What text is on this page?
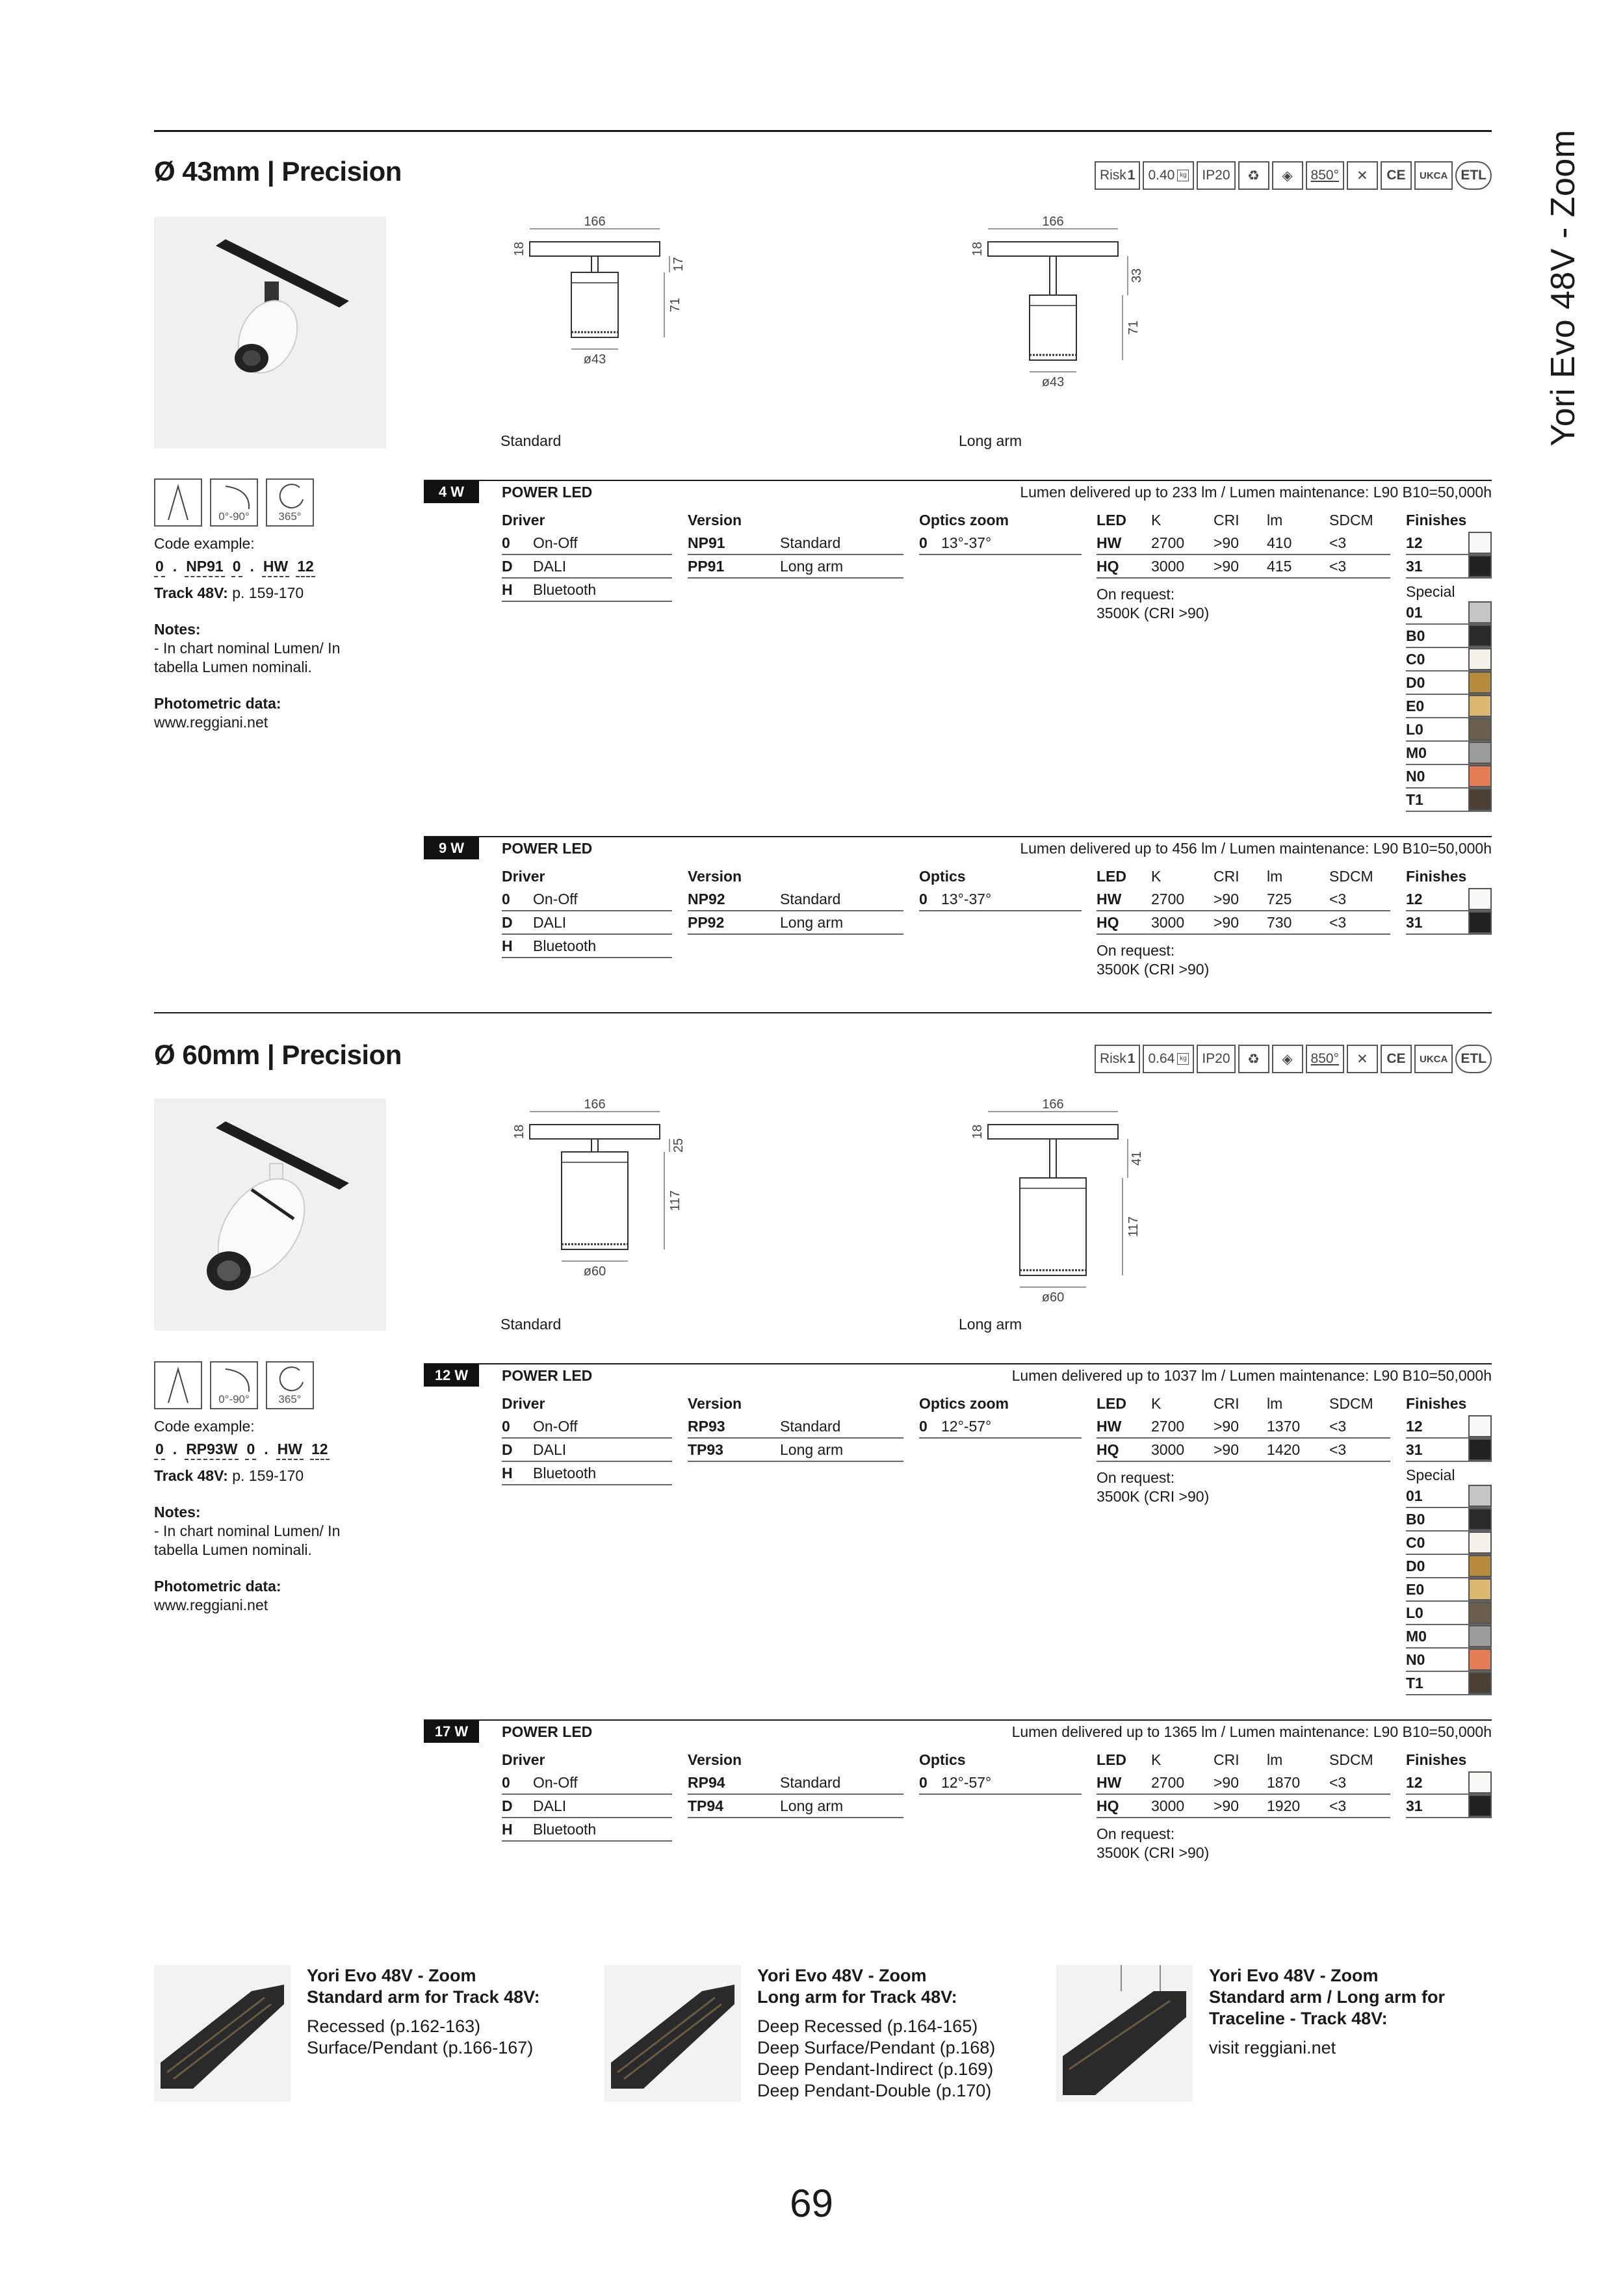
Yori Evo 48V - Zoom
Ø 43mm | Precision	Risk 1 0.40 kg	IP20	♻	◈	850°	✕	CE	UKCA ETL
166
18
17
71
ø43
Standard
166
18
33
71
ø43
Long arm
0°-90°	365°
Code example:
0 . NP91 0 . HW 12
Track 48V: p. 159-170
Notes:
- In chart nominal Lumen/ In tabella Lumen nominali.
Photometric data:
www.reggiani.net
4 W	POWER LED	Lumen delivered up to 233 lm / Lumen maintenance: L90 B10=50,000h
Driver
0	On-Off
D	DALI
H	Bluetooth
Version
NP91	Standard
PP91	Long arm
Optics zoom
0 13°-37°
LED	K	CRI	lm	SDCM
HW	2700	>90	410	<3
HQ	3000	>90	415	<3
On request:
3500K (CRI >90)
Finishes
12
31
Special
01
B0
C0
D0
E0
L0
M0
N0
T1
9 W	POWER LED	Lumen delivered up to 456 lm / Lumen maintenance: L90 B10=50,000h
Driver
0	On-Off
D	DALI
H	Bluetooth
Version
NP92	Standard
PP92	Long arm
Optics
0 13°-37°
LED	K	CRI	lm	SDCM
HW	2700	>90	725	<3
HQ	3000	>90	730	<3
On request:
3500K (CRI >90)
Finishes
12
31
Ø 60mm | Precision	Risk 1 0.64 kg	IP20	♻	◈	850°	✕	CE	UKCA ETL
166
18
25
117
ø60
Standard
166
18
41
117
ø60
Long arm
0°-90°	365°
Code example:
0 . RP93W 0 . HW 12
Track 48V: p. 159-170
Notes:
- In chart nominal Lumen/ In tabella Lumen nominali.
Photometric data:
www.reggiani.net
12 W	POWER LED	Lumen delivered up to 1037 lm / Lumen maintenance: L90 B10=50,000h
Driver
0	On-Off
D	DALI
H	Bluetooth
Version
RP93	Standard
TP93	Long arm
Optics zoom
0 12°-57°
LED	K	CRI	lm	SDCM
HW	2700	>90	1370	<3
HQ	3000	>90	1420	<3
On request:
3500K (CRI >90)
Finishes
12
31
Special
01
B0
C0
D0
E0
L0
M0
N0
T1
17 W	POWER LED	Lumen delivered up to 1365 lm / Lumen maintenance: L90 B10=50,000h
Driver
0	On-Off
D	DALI
H	Bluetooth
Version
RP94	Standard
TP94	Long arm
Optics
0 12°-57°
LED	K	CRI	lm	SDCM
HW	2700	>90	1870	<3
HQ	3000	>90	1920	<3
On request:
3500K (CRI >90)
Finishes
12
31
Yori Evo 48V - Zoom
Standard arm for Track 48V:
Recessed (p.162-163)
Surface/Pendant (p.166-167)
Yori Evo 48V - Zoom
Long arm for Track 48V:
Deep Recessed (p.164-165)
Deep Surface/Pendant (p.168)
Deep Pendant-Indirect (p.169)
Deep Pendant-Double (p.170)
Yori Evo 48V - Zoom
Standard arm / Long arm for Traceline - Track 48V:
visit reggiani.net
69
